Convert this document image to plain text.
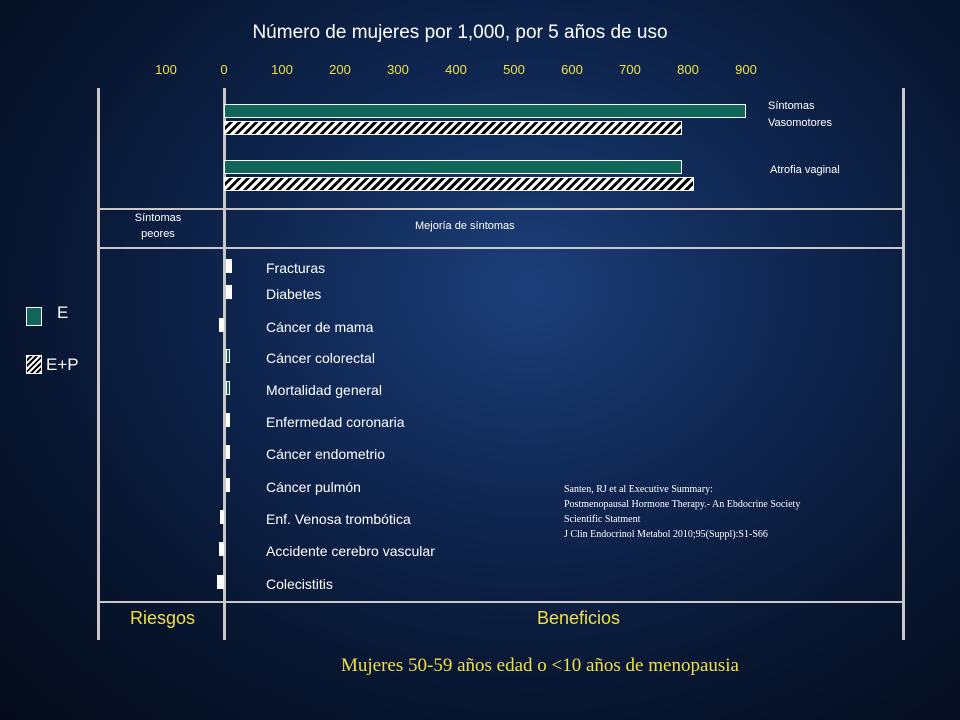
Número de mujeres por 1,000, por 5 años de uso
100	0	100	200	300	400	500	600	700	800	900
Síntomas Vasomotores
Atrofia vaginal
Síntomas peores
Mejoría de síntomas
Fracturas
Diabetes
Cáncer de mama
Cáncer colorectal
Mortalidad general
Enfermedad coronaria
Cáncer endometrio
Cáncer pulmón
Enf. Venosa trombótica
Accidente cerebro vascular
Colecistitis
E
E+P
Santen, RJ et al Executive Summary:
Postmenopausal Hormone Therapy.- An Ebdocrine Society
Scientific Statment
J Clin Endocrinol Metabol 2010;95(Suppl):S1-S66
Riesgos	Beneficios
Mujeres 50-59 años edad o <10 años de menopausia
